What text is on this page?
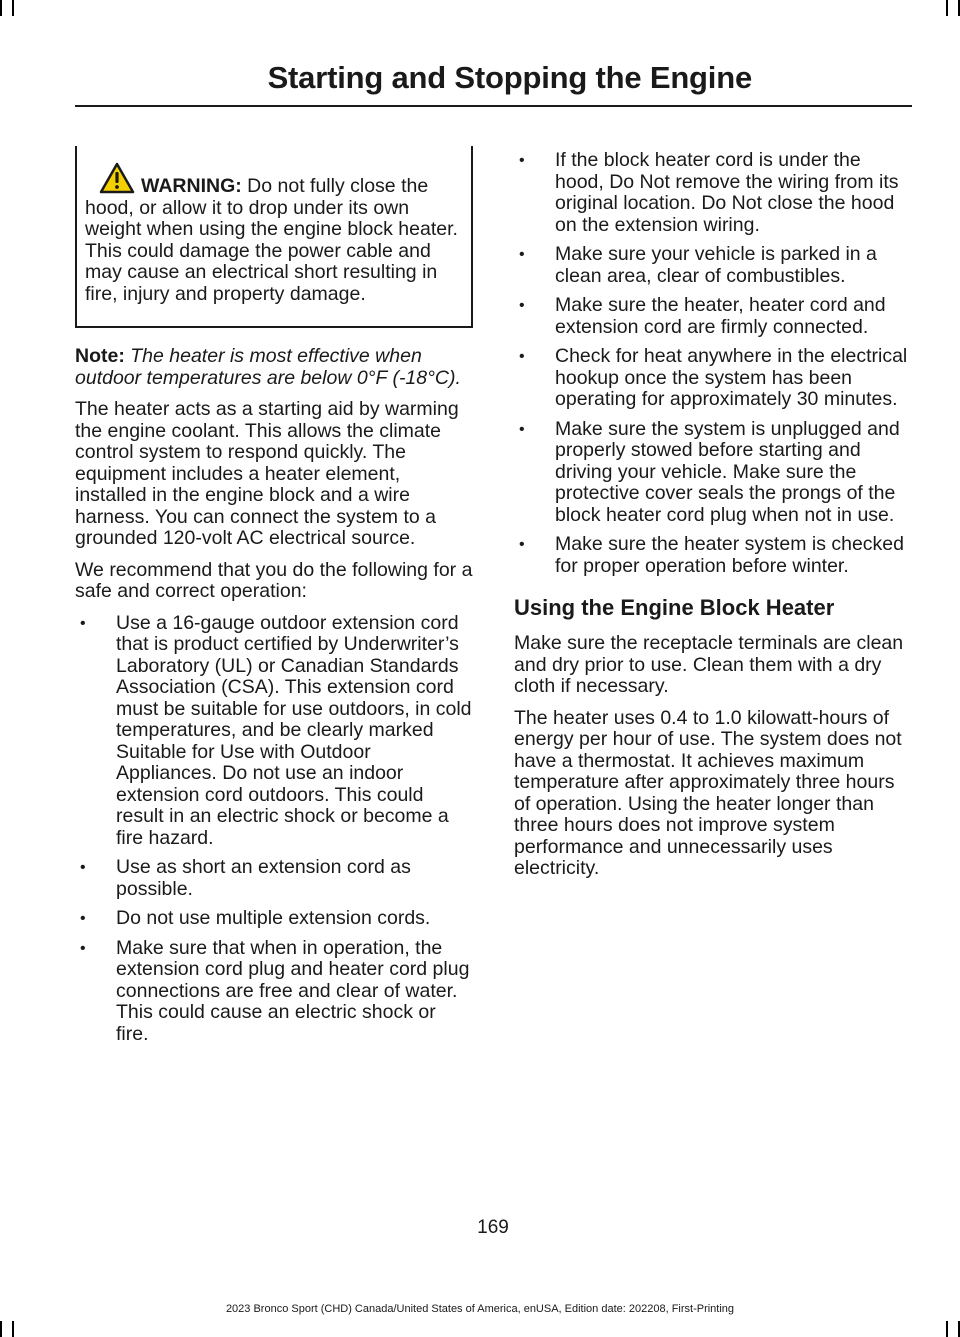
Starting and Stopping the Engine

WARNING: Do not fully close the hood, or allow it to drop under its own weight when using the engine block heater. This could damage the power cable and may cause an electrical short resulting in fire, injury and property damage.

Note: The heater is most effective when outdoor temperatures are below 0°F (-18°C).

The heater acts as a starting aid by warming the engine coolant. This allows the climate control system to respond quickly. The equipment includes a heater element, installed in the engine block and a wire harness. You can connect the system to a grounded 120-volt AC electrical source.

We recommend that you do the following for a safe and correct operation:

• Use a 16-gauge outdoor extension cord that is product certified by Underwriter’s Laboratory (UL) or Canadian Standards Association (CSA). This extension cord must be suitable for use outdoors, in cold temperatures, and be clearly marked Suitable for Use with Outdoor Appliances. Do not use an indoor extension cord outdoors. This could result in an electric shock or become a fire hazard.
• Use as short an extension cord as possible.
• Do not use multiple extension cords.
• Make sure that when in operation, the extension cord plug and heater cord plug connections are free and clear of water. This could cause an electric shock or fire.
• If the block heater cord is under the hood, Do Not remove the wiring from its original location. Do Not close the hood on the extension wiring.
• Make sure your vehicle is parked in a clean area, clear of combustibles.
• Make sure the heater, heater cord and extension cord are firmly connected.
• Check for heat anywhere in the electrical hookup once the system has been operating for approximately 30 minutes.
• Make sure the system is unplugged and properly stowed before starting and driving your vehicle. Make sure the protective cover seals the prongs of the block heater cord plug when not in use.
• Make sure the heater system is checked for proper operation before winter.
Using the Engine Block Heater

Make sure the receptacle terminals are clean and dry prior to use. Clean them with a dry cloth if necessary.

The heater uses 0.4 to 1.0 kilowatt-hours of energy per hour of use. The system does not have a thermostat. It achieves maximum temperature after approximately three hours of operation. Using the heater longer than three hours does not improve system performance and unnecessarily uses electricity.

169
2023 Bronco Sport (CHD) Canada/United States of America, enUSA, Edition date: 202208, First-Printing
